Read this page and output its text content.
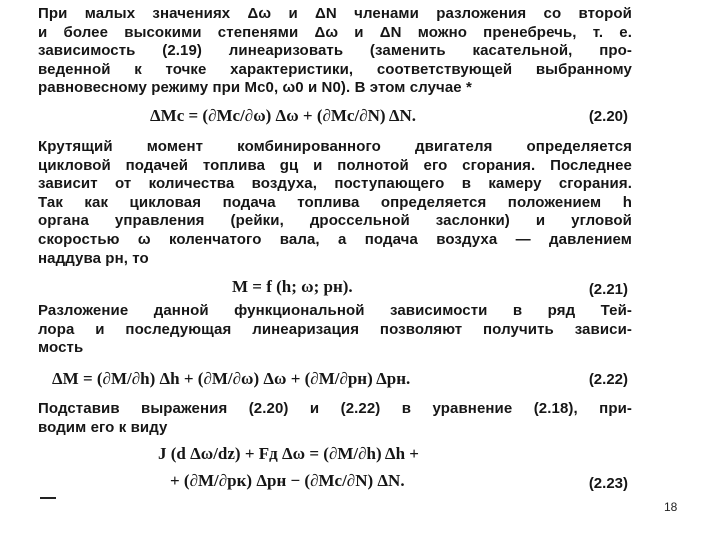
При малых значениях Δω и ΔN членами разложения со второй
и более высокими степенями Δω и ΔN можно пренебречь, т. е.
зависимость (2.19) линеаризовать (заменить касательной, про-
веденной к точке характеристики, соответствующей выбранному
равновесному режиму при Mc0, ω0 и N0). В этом случае *
ΔMc = (∂Mc/∂ω) Δω + (∂Mc/∂N) ΔN.	(2.20)
Крутящий момент комбинированного двигателя определяется
цикловой подачей топлива gц и полнотой его сгорания. Последнее
зависит от количества воздуха, поступающего в камеру сгорания.
Так как цикловая подача топлива определяется положением h
органа управления (рейки, дроссельной заслонки) и угловой
скоростью ω коленчатого вала, а подача воздуха — давлением
наддува pн, то
M = f (h; ω; pн).	(2.21)
Разложение данной функциональной зависимости в ряд Тей-
лора и последующая линеаризация позволяют получить зависи-
мость
ΔM = (∂M/∂h) Δh + (∂M/∂ω) Δω + (∂M/∂pн) Δpн.	(2.22)
Подставив выражения (2.20) и (2.22) в уравнение (2.18), при-
водим его к виду
J (d Δω/dz) + Fд Δω = (∂M/∂h) Δh +
+ (∂M/∂pк) Δpн − (∂Mc/∂N) ΔN.	(2.23)
18
